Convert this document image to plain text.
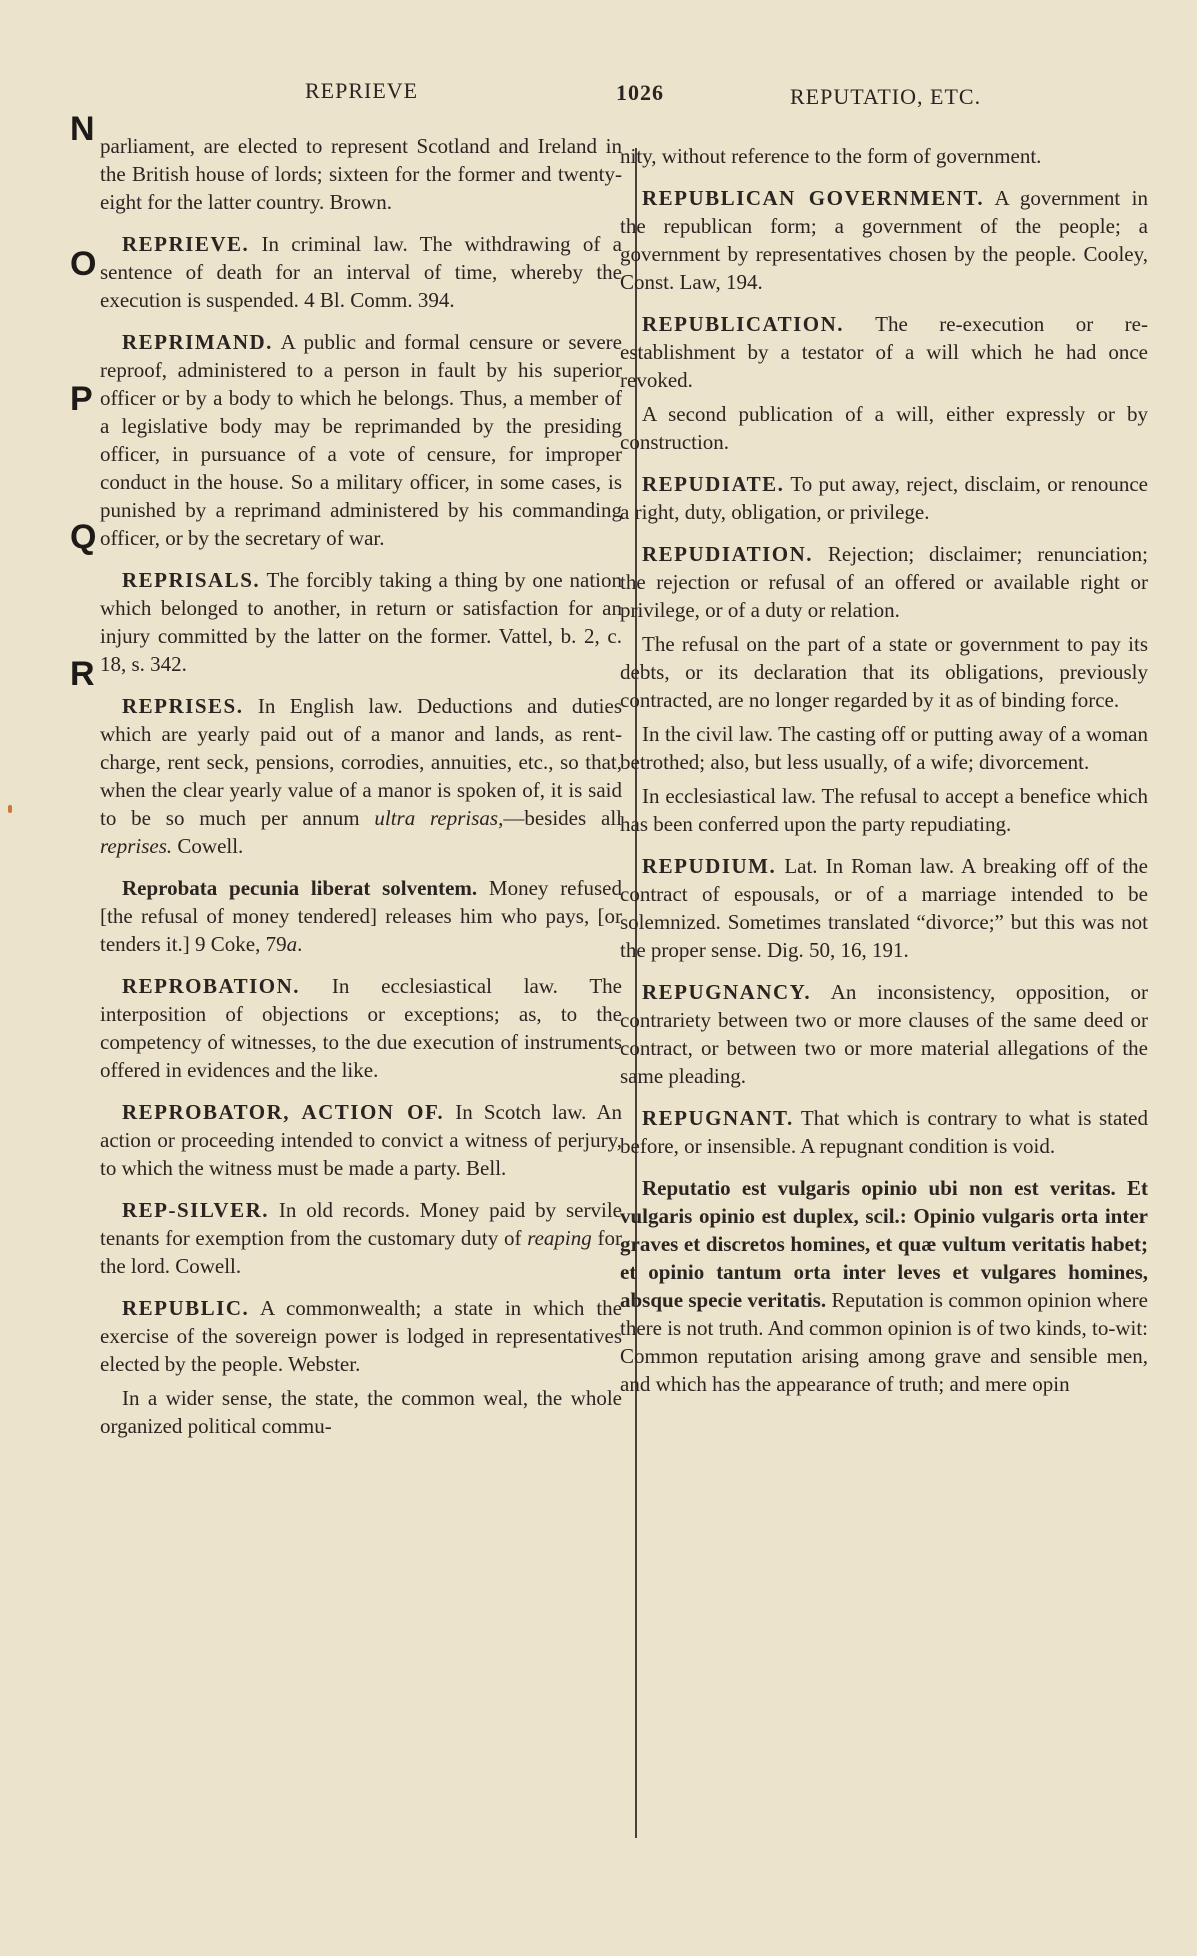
REPRIEVE	1026	REPUTATIO, ETC.
N
O
P
Q
R

parliament, are elected to represent Scotland and Ireland in the British house of lords; sixteen for the former and twenty-eight for the latter country. Brown.

REPRIEVE. In criminal law. The withdrawing of a sentence of death for an interval of time, whereby the execution is suspended. 4 Bl. Comm. 394.

REPRIMAND. A public and formal censure or severe reproof, administered to a person in fault by his superior officer or by a body to which he belongs. Thus, a member of a legislative body may be reprimanded by the presiding officer, in pursuance of a vote of censure, for improper conduct in the house. So a military officer, in some cases, is punished by a reprimand administered by his commanding officer, or by the secretary of war.

REPRISALS. The forcibly taking a thing by one nation which belonged to another, in return or satisfaction for an injury committed by the latter on the former. Vattel, b. 2, c. 18, s. 342.

REPRISES. In English law. Deductions and duties which are yearly paid out of a manor and lands, as rent-charge, rent seck, pensions, corrodies, annuities, etc., so that, when the clear yearly value of a manor is spoken of, it is said to be so much per annum ultra reprisas,—besides all reprises. Cowell.

Reprobata pecunia liberat solventem. Money refused [the refusal of money tendered] releases him who pays, [or tenders it.] 9 Coke, 79a.

REPROBATION. In ecclesiastical law. The interposition of objections or exceptions; as, to the competency of witnesses, to the due execution of instruments offered in evidences and the like.

REPROBATOR, ACTION OF. In Scotch law. An action or proceeding intended to convict a witness of perjury, to which the witness must be made a party. Bell.

REP-SILVER. In old records. Money paid by servile tenants for exemption from the customary duty of reaping for the lord. Cowell.

REPUBLIC. A commonwealth; a state in which the exercise of the sovereign power is lodged in representatives elected by the people. Webster.

In a wider sense, the state, the common weal, the whole organized political commu-

nity, without reference to the form of government.

REPUBLICAN GOVERNMENT. A government in the republican form; a government of the people; a government by representatives chosen by the people. Cooley, Const. Law, 194.

REPUBLICATION. The re-execution or re-establishment by a testator of a will which he had once revoked.

A second publication of a will, either expressly or by construction.

REPUDIATE. To put away, reject, disclaim, or renounce a right, duty, obligation, or privilege.

REPUDIATION. Rejection; disclaimer; renunciation; the rejection or refusal of an offered or available right or privilege, or of a duty or relation.

The refusal on the part of a state or government to pay its debts, or its declaration that its obligations, previously contracted, are no longer regarded by it as of binding force.

In the civil law. The casting off or putting away of a woman betrothed; also, but less usually, of a wife; divorcement.

In ecclesiastical law. The refusal to accept a benefice which has been conferred upon the party repudiating.

REPUDIUM. Lat. In Roman law. A breaking off of the contract of espousals, or of a marriage intended to be solemnized. Sometimes translated “divorce;” but this was not the proper sense. Dig. 50, 16, 191.

REPUGNANCY. An inconsistency, opposition, or contrariety between two or more clauses of the same deed or contract, or between two or more material allegations of the same pleading.

REPUGNANT. That which is contrary to what is stated before, or insensible. A repugnant condition is void.

Reputatio est vulgaris opinio ubi non est veritas. Et vulgaris opinio est duplex, scil.: Opinio vulgaris orta inter graves et discretos homines, et quæ vultum veritatis habet; et opinio tantum orta inter leves et vulgares homines, absque specie veritatis. Reputation is common opinion where there is not truth. And common opinion is of two kinds, to-wit: Common reputation arising among grave and sensible men, and which has the appearance of truth; and mere opin
